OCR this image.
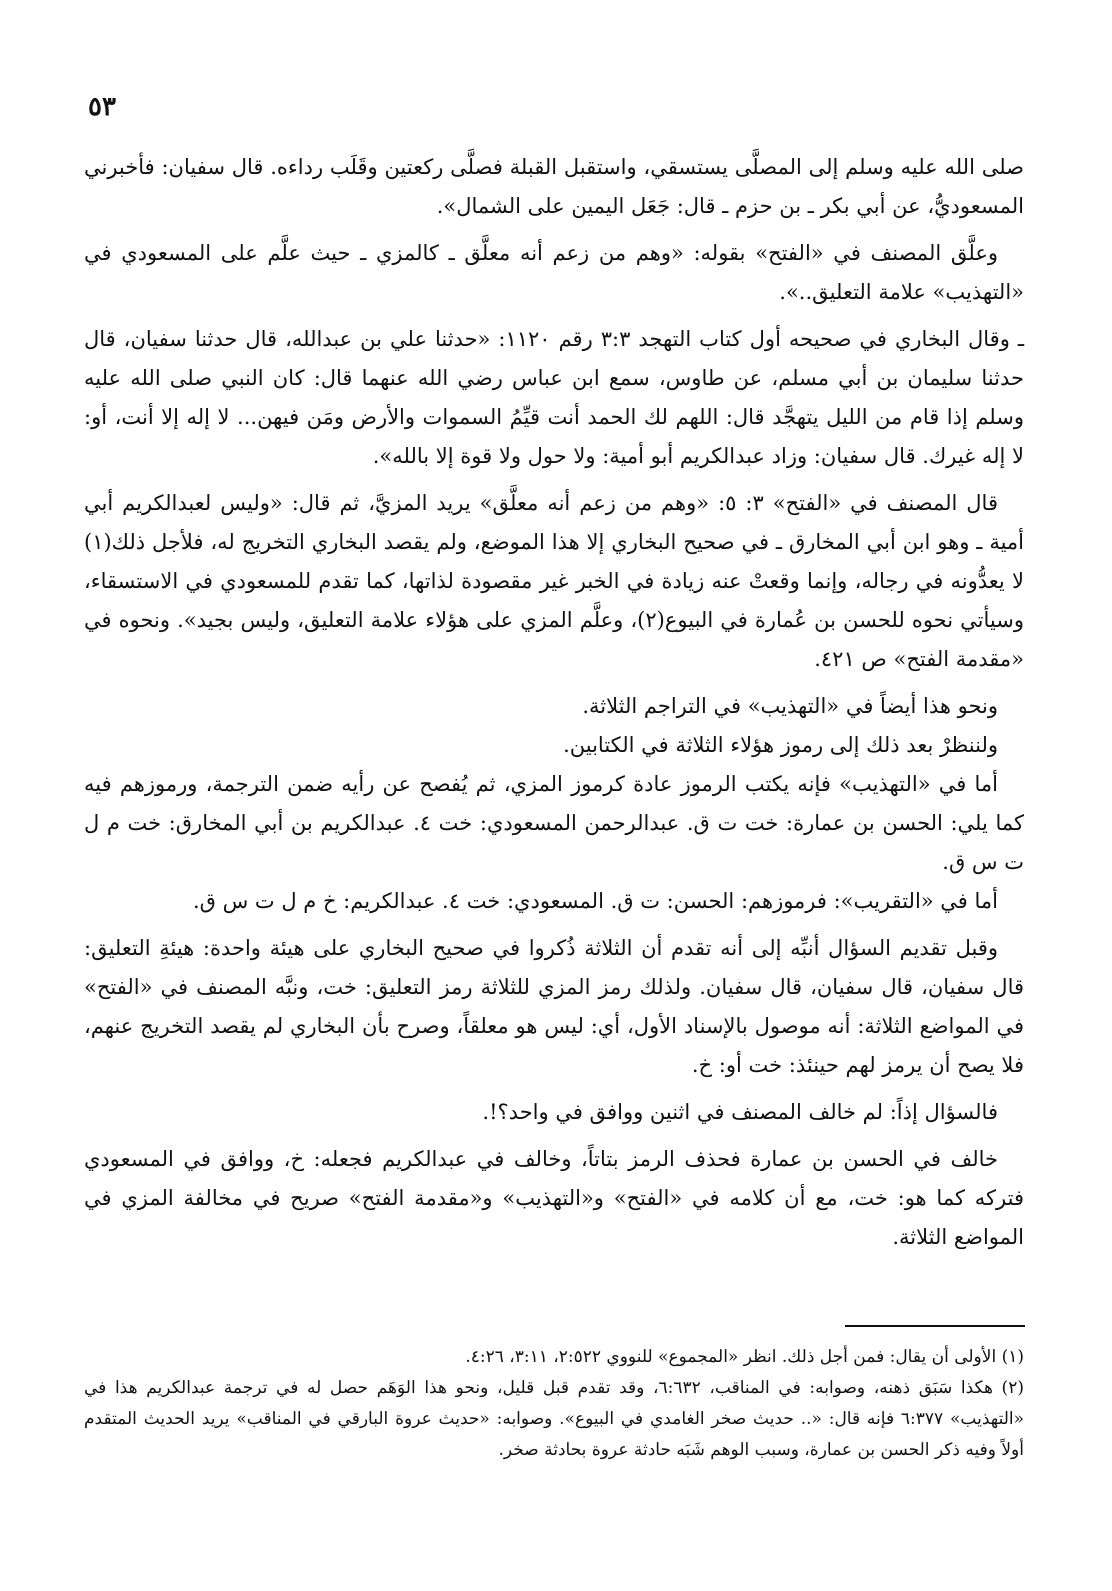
٥٣

صلى الله عليه وسلم إلى المصلَّى يستسقي، واستقبل القبلة فصلَّى ركعتين وقَلَب رداءه. قال سفيان: فأخبرني المسعوديُّ، عن أبي بكر ـ بن حزم ـ قال: جَعَل اليمين على الشمال».

وعلَّق المصنف في «الفتح» بقوله: «وهم من زعم أنه معلَّق ـ كالمزي ـ حيث علَّم على المسعودي في «التهذيب» علامة التعليق..».

ـ وقال البخاري في صحيحه أول كتاب التهجد ٣:٣ رقم ١١٢٠: «حدثنا علي بن عبدالله، قال حدثنا سفيان، قال حدثنا سليمان بن أبي مسلم، عن طاوس، سمع ابن عباس رضي الله عنهما قال: كان النبي صلى الله عليه وسلم إذا قام من الليل يتهجَّد قال: اللهم لك الحمد أنت قيِّمُ السموات والأرض ومَن فيهن... لا إله إلا أنت، أو: لا إله غيرك. قال سفيان: وزاد عبدالكريم أبو أمية: ولا حول ولا قوة إلا بالله».

قال المصنف في «الفتح» ٣: ٥: «وهم من زعم أنه معلَّق» يريد المزيَّ، ثم قال: «وليس لعبدالكريم أبي أمية ـ وهو ابن أبي المخارق ـ في صحيح البخاري إلا هذا الموضع، ولم يقصد البخاري التخريج له، فلأجل ذلك(١) لا يعدُّونه في رجاله، وإنما وقعتْ عنه زيادة في الخبر غير مقصودة لذاتها، كما تقدم للمسعودي في الاستسقاء، وسيأتي نحوه للحسن بن عُمارة في البيوع(٢)، وعلَّم المزي على هؤلاء علامة التعليق، وليس بجيد». ونحوه في «مقدمة الفتح» ص ٤٢١.

ونحو هذا أيضاً في «التهذيب» في التراجم الثلاثة.

ولننظرْ بعد ذلك إلى رموز هؤلاء الثلاثة في الكتابين.

أما في «التهذيب» فإنه يكتب الرموز عادة كرموز المزي، ثم يُفصح عن رأيه ضمن الترجمة، ورموزهم فيه كما يلي: الحسن بن عمارة: خت ت ق. عبدالرحمن المسعودي: خت ٤. عبدالكريم بن أبي المخارق: خت م ل ت س ق.

أما في «التقريب»: فرموزهم: الحسن: ت ق. المسعودي: خت ٤. عبدالكريم: خ م ل ت س ق.

وقبل تقديم السؤال أنبِّه إلى أنه تقدم أن الثلاثة ذُكروا في صحيح البخاري على هيئة واحدة: هيئةِ التعليق: قال سفيان، قال سفيان، قال سفيان. ولذلك رمز المزي للثلاثة رمز التعليق: خت، ونبَّه المصنف في «الفتح» في المواضع الثلاثة: أنه موصول بالإسناد الأول، أي: ليس هو معلقاً، وصرح بأن البخاري لم يقصد التخريج عنهم، فلا يصح أن يرمز لهم حينئذ: خت أو: خ.

فالسؤال إذاً: لم خالف المصنف في اثنين ووافق في واحد؟!.

خالف في الحسن بن عمارة فحذف الرمز بتاتاً، وخالف في عبدالكريم فجعله: خ، ووافق في المسعودي فتركه كما هو: خت، مع أن كلامه في «الفتح» و«التهذيب» و«مقدمة الفتح» صريح في مخالفة المزي في المواضع الثلاثة.

(١) الأولى أن يقال: فمن أجل ذلك. انظر «المجموع» للنووي ٢:٥٢٢، ٣:١١، ٤:٢٦.

(٢) هكذا سَبَق ذهنه، وصوابه: في المناقب، ٦:٦٣٢، وقد تقدم قبل قليل، ونحو هذا الوَهَم حصل له في ترجمة عبدالكريم هذا في «التهذيب» ٦:٣٧٧ فإنه قال: «.. حديث صخر الغامدي في البيوع». وصوابه: «حديث عروة البارقي في المناقب» يريد الحديث المتقدم أولاً وفيه ذكر الحسن بن عمارة، وسبب الوهم شَبَه حادثة عروة بحادثة صخر.
